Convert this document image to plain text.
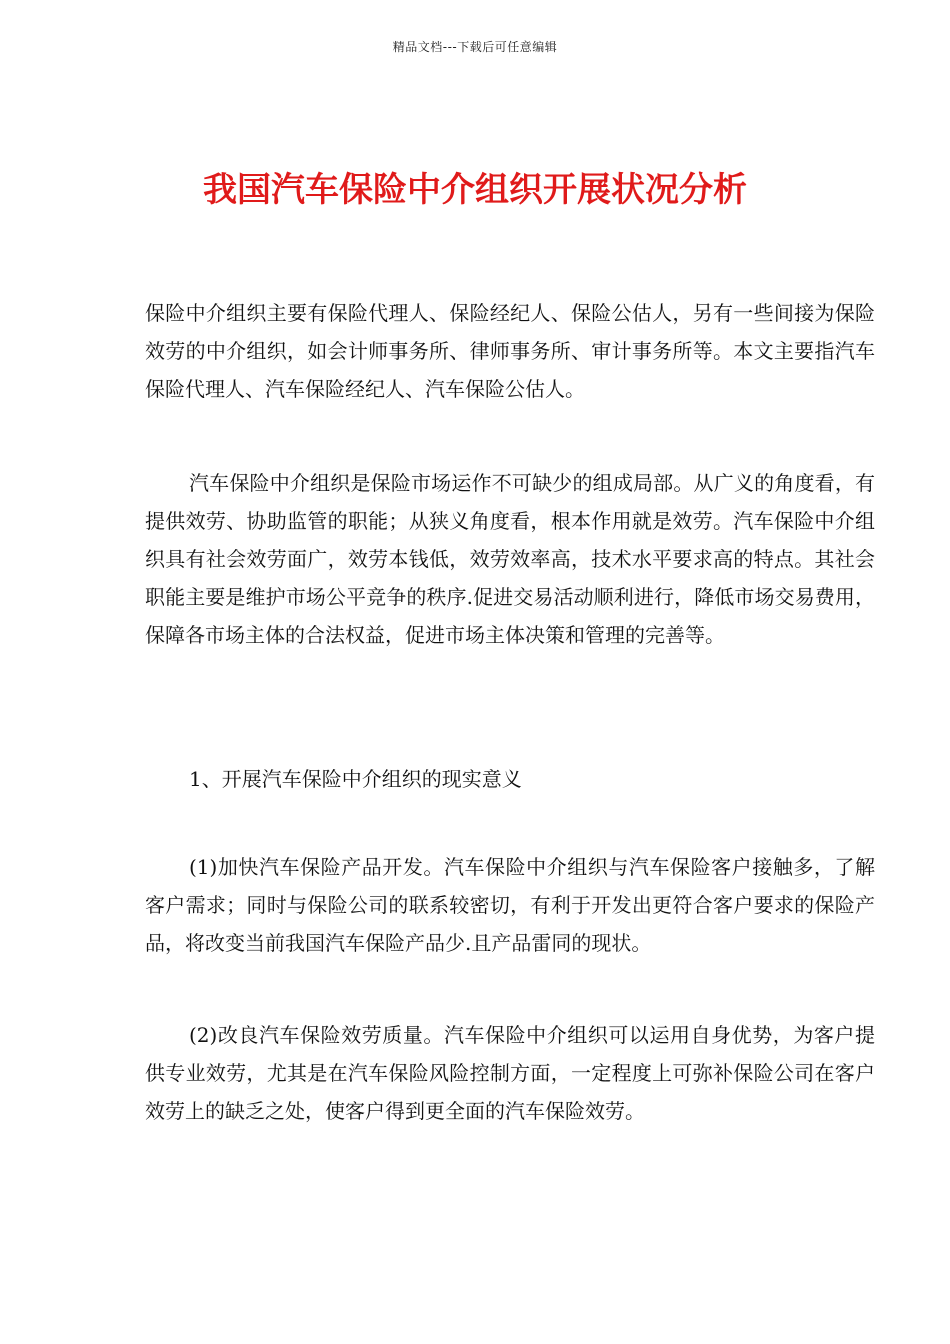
精品文档---下载后可任意编辑
我国汽车保险中介组织开展状况分析

保险中介组织主要有保险代理人、保险经纪人、保险公估人，另有一些间接为保险效劳的中介组织，如会计师事务所、律师事务所、审计事务所等。本文主要指汽车保险代理人、汽车保险经纪人、汽车保险公估人。

汽车保险中介组织是保险市场运作不可缺少的组成局部。从广义的角度看，有提供效劳、协助监管的职能；从狭义角度看，根本作用就是效劳。汽车保险中介组织具有社会效劳面广，效劳本钱低，效劳效率高，技术水平要求高的特点。其社会职能主要是维护市场公平竞争的秩序.促进交易活动顺利进行，降低市场交易费用，保障各市场主体的合法权益，促进市场主体决策和管理的完善等。

1、开展汽车保险中介组织的现实意义

(1)加快汽车保险产品开发。汽车保险中介组织与汽车保险客户接触多，了解客户需求；同时与保险公司的联系较密切，有利于开发出更符合客户要求的保险产品，将改变当前我国汽车保险产品少.且产品雷同的现状。

(2)改良汽车保险效劳质量。汽车保险中介组织可以运用自身优势，为客户提供专业效劳，尤其是在汽车保险风险控制方面，一定程度上可弥补保险公司在客户效劳上的缺乏之处，使客户得到更全面的汽车保险效劳。
